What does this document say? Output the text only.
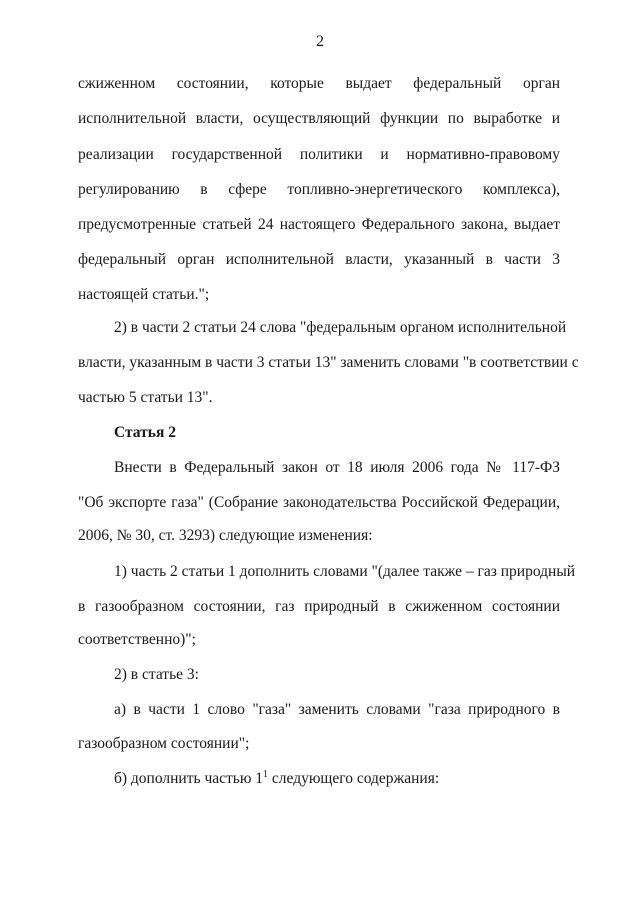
2
сжиженном состоянии, которые выдает федеральный орган
исполнительной власти, осуществляющий функции по выработке и
реализации государственной политики и нормативно-правовому
регулированию в сфере топливно-энергетического комплекса),
предусмотренные статьей 24 настоящего Федерального закона, выдает
федеральный орган исполнительной власти, указанный в части 3
настоящей статьи.";
2) в части 2 статьи 24 слова "федеральным органом исполнительной
власти, указанным в части 3 статьи 13" заменить словами "в соответствии с
частью 5 статьи 13".
Статья 2
Внести в Федеральный закон от 18 июля 2006 года № 117-ФЗ
"Об экспорте газа" (Собрание законодательства Российской Федерации,
2006, № 30, ст. 3293) следующие изменения:
1) часть 2 статьи 1 дополнить словами "(далее также – газ природный
в газообразном состоянии, газ природный в сжиженном состоянии
соответственно)";
2) в статье 3:
а) в части 1 слово "газа" заменить словами "газа природного в
газообразном состоянии";
б) дополнить частью $1^1$ следующего содержания:
